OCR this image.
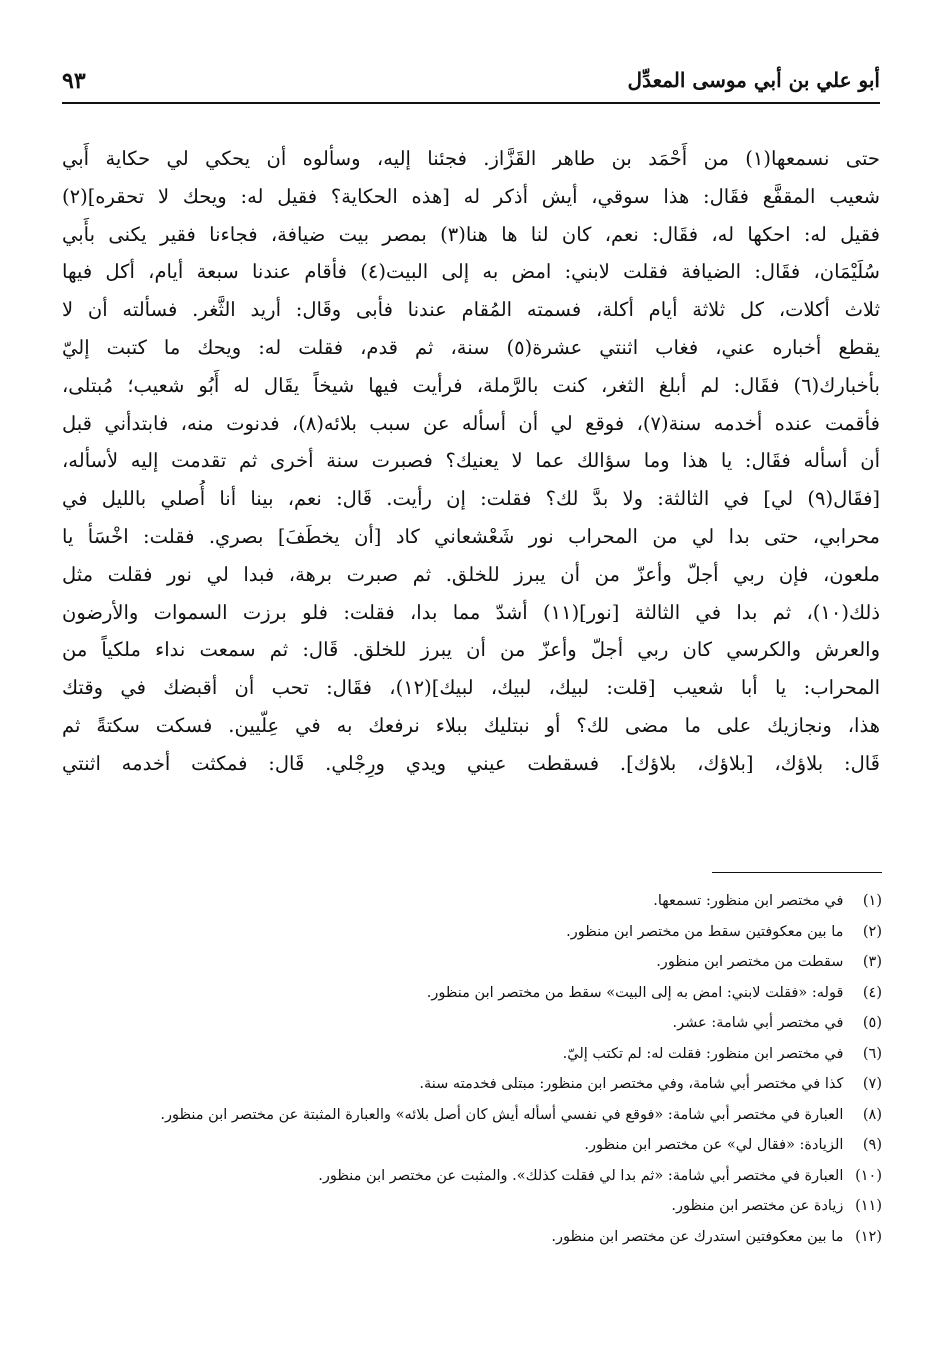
أبو علي بن أبي موسى المعدِّل
٩٣
حتى نسمعها(١) من أَحْمَد بن طاهر القَزَّاز. فجئنا إليه، وسألوه أن يحكي لي حكاية أَبي
شعيب المقفَّع فقَال: هذا سوقي، أيش أذكر له [هذه الحكاية؟ فقيل له: ويحك لا تحقره](٢)
فقيل له: احكها له، فقَال: نعم، كان لنا ها هنا(٣) بمصر بيت ضيافة، فجاءنا فقير يكنى بأَبي
سُلَيْمَان، فقَال: الضيافة فقلت لابني: امض به إلى البيت(٤) فأقام عندنا سبعة أيام، أكل فيها
ثلاث أكلات، كل ثلاثة أيام أكلة، فسمته المُقام عندنا فأبى وقَال: أريد الثَّغر. فسألته أن لا
يقطع أخباره عني، فغاب اثنتي عشرة(٥) سنة، ثم قدم، فقلت له: ويحك ما كتبت إليّ
بأخبارك(٦) فقَال: لم أبلغ الثغر، كنت بالرَّملة، فرأيت فيها شيخاً يقَال له أَبُو شعيب؛ مُبتلى،
فأقمت عنده أخدمه سنة(٧)، فوقع لي أن أسأله عن سبب بلائه(٨)، فدنوت منه، فابتدأني قبل
أن أسأله فقَال: يا هذا وما سؤالك عما لا يعنيك؟ فصبرت سنة أخرى ثم تقدمت إليه لأسأله،
[فقَال(٩) لي] في الثالثة: ولا بدَّ لك؟ فقلت: إن رأيت. قَال: نعم، بينا أنا أُصلي بالليل في
محرابي، حتى بدا لي من المحراب نور شَعْشعاني كاد [أن يخطَفَ] بصري. فقلت: اخْسَأ يا
ملعون، فإن ربي أجلّ وأعزّ من أن يبرز للخلق. ثم صبرت برهة، فبدا لي نور فقلت مثل
ذلك(١٠)، ثم بدا في الثالثة [نور](١١) أشدّ مما بدا، فقلت: فلو برزت السموات والأرضون
والعرش والكرسي كان ربي أجلّ وأعزّ من أن يبرز للخلق. قَال: ثم سمعت نداء ملكياً من
المحراب: يا أبا شعيب [قلت: لبيك، لبيك، لبيك](١٢)، فقَال: تحب أن أقبضك في وقتك
هذا، ونجازيك على ما مضى لك؟ أو نبتليك ببلاء نرفعك به في عِلّيين. فسكت سكتةً ثم
قَال: بلاؤك، [بلاؤك، بلاؤك]. فسقطت عيني ويدي ورِجْلي. قَال: فمكثت أخدمه اثنتي
(١) في مختصر ابن منظور: تسمعها.
(٢) ما بين معكوفتين سقط من مختصر ابن منظور.
(٣) سقطت من مختصر ابن منظور.
(٤) قوله: «فقلت لابني: امض به إلى البيت» سقط من مختصر ابن منظور.
(٥) في مختصر أبي شامة: عشر.
(٦) في مختصر ابن منظور: فقلت له: لم تكتب إليّ.
(٧) كذا في مختصر أبي شامة، وفي مختصر ابن منظور: مبتلى فخدمته سنة.
(٨) العبارة في مختصر أبي شامة: «فوقع في نفسي أسأله أيش كان أصل بلائه» والعبارة المثبتة عن مختصر ابن منظور.
(٩) الزيادة: «فقال لي» عن مختصر ابن منظور.
(١٠) العبارة في مختصر أبي شامة: «ثم بدا لي فقلت كذلك». والمثبت عن مختصر ابن منظور.
(١١) زيادة عن مختصر ابن منظور.
(١٢) ما بين معكوفتين استدرك عن مختصر ابن منظور.
